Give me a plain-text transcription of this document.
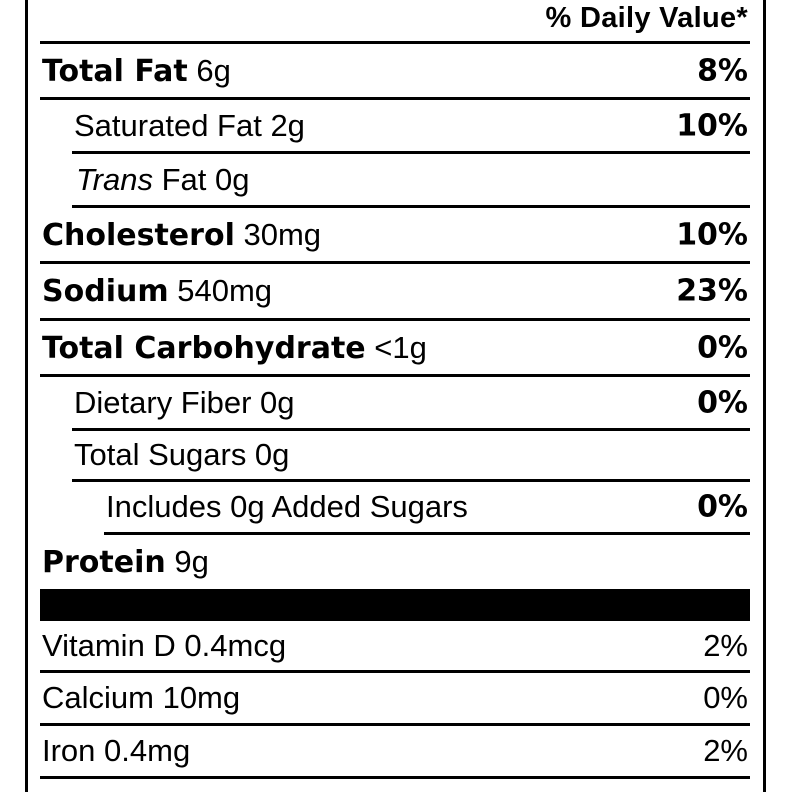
% Daily Value*
Total Fat 6g	8%
Saturated Fat 2g	10%
Trans Fat 0g
Cholesterol 30mg	10%
Sodium 540mg	23%
Total Carbohydrate <1g	0%
Dietary Fiber 0g	0%
Total Sugars 0g
Includes 0g Added Sugars	0%
Protein 9g
Vitamin D 0.4mcg	2%
Calcium 10mg	0%
Iron 0.4mg	2%
